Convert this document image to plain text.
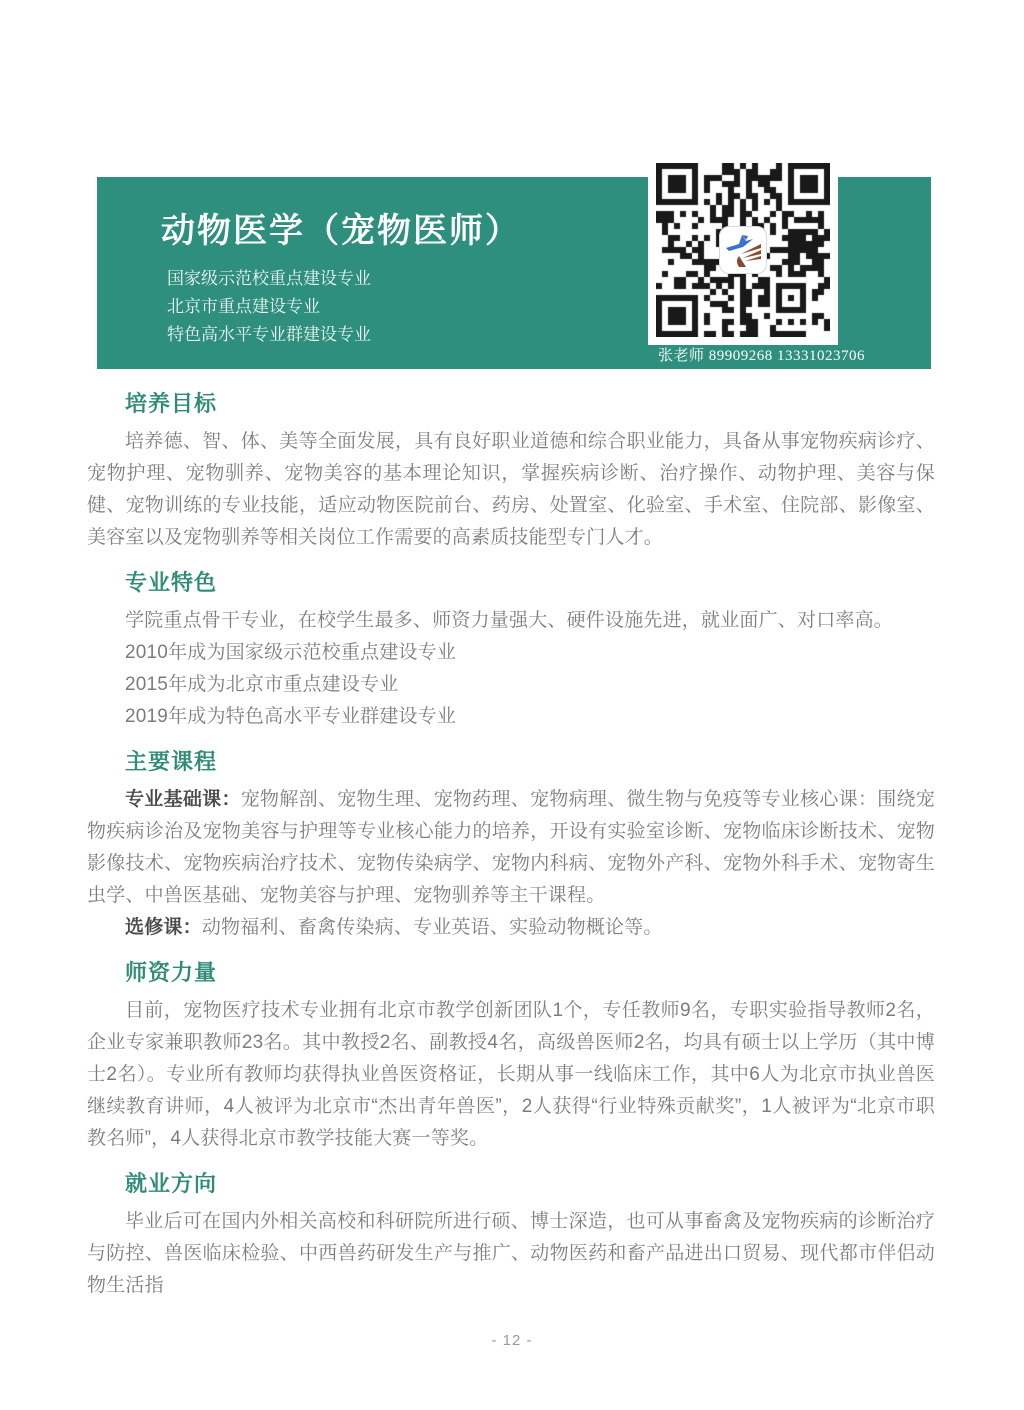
动物医学（宠物医师）
国家级示范校重点建设专业
北京市重点建设专业
特色高水平专业群建设专业
张老师 89909268 13331023706
培养目标

培养德、智、体、美等全面发展，具有良好职业道德和综合职业能力，具备从事宠物疾病诊疗、宠物护理、宠物驯养、宠物美容的基本理论知识，掌握疾病诊断、治疗操作、动物护理、美容与保健、宠物训练的专业技能，适应动物医院前台、药房、处置室、化验室、手术室、住院部、影像室、美容室以及宠物驯养等相关岗位工作需要的高素质技能型专门人才。

专业特色

学院重点骨干专业，在校学生最多、师资力量强大、硬件设施先进，就业面广、对口率高。

2010年成为国家级示范校重点建设专业

2015年成为北京市重点建设专业

2019年成为特色高水平专业群建设专业

主要课程

专业基础课：宠物解剖、宠物生理、宠物药理、宠物病理、微生物与免疫等专业核心课：围绕宠物疾病诊治及宠物美容与护理等专业核心能力的培养，开设有实验室诊断、宠物临床诊断技术、宠物影像技术、宠物疾病治疗技术、宠物传染病学、宠物内科病、宠物外产科、宠物外科手术、宠物寄生虫学、中兽医基础、宠物美容与护理、宠物驯养等主干课程。

选修课：动物福利、畜禽传染病、专业英语、实验动物概论等。

师资力量

目前，宠物医疗技术专业拥有北京市教学创新团队1个，专任教师9名，专职实验指导教师2名，企业专家兼职教师23名。其中教授2名、副教授4名，高级兽医师2名，均具有硕士以上学历（其中博士2名）。专业所有教师均获得执业兽医资格证，长期从事一线临床工作，其中6人为北京市执业兽医继续教育讲师，4人被评为北京市“杰出青年兽医”，2人获得“行业特殊贡献奖”，1人被评为“北京市职教名师”，4人获得北京市教学技能大赛一等奖。

就业方向

毕业后可在国内外相关高校和科研院所进行硕、博士深造，也可从事畜禽及宠物疾病的诊断治疗与防控、兽医临床检验、中西兽药研发生产与推广、动物医药和畜产品进出口贸易、现代都市伴侣动物生活指

- 12 -
